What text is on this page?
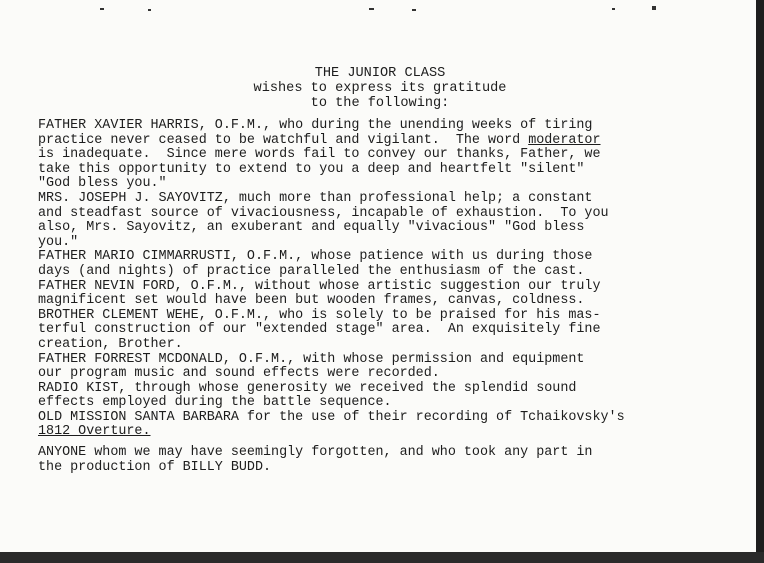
THE JUNIOR CLASS
wishes to express its gratitude
to the following:
FATHER XAVIER HARRIS, O.F.M., who during the unending weeks of tiring
practice never ceased to be watchful and vigilant.  The word moderator
is inadequate.  Since mere words fail to convey our thanks, Father, we
take this opportunity to extend to you a deep and heartfelt "silent"
"God bless you."
MRS. JOSEPH J. SAYOVITZ, much more than professional help; a constant
and steadfast source of vivaciousness, incapable of exhaustion.  To you
also, Mrs. Sayovitz, an exuberant and equally "vivacious" "God bless
you."
FATHER MARIO CIMMARRUSTI, O.F.M., whose patience with us during those
days (and nights) of practice paralleled the enthusiasm of the cast.
FATHER NEVIN FORD, O.F.M., without whose artistic suggestion our truly
magnificent set would have been but wooden frames, canvas, coldness.
BROTHER CLEMENT WEHE, O.F.M., who is solely to be praised for his mas-
terful construction of our "extended stage" area.  An exquisitely fine
creation, Brother.
FATHER FORREST MCDONALD, O.F.M., with whose permission and equipment
our program music and sound effects were recorded.
RADIO KIST, through whose generosity we received the splendid sound
effects employed during the battle sequence.
OLD MISSION SANTA BARBARA for the use of their recording of Tchaikovsky's
1812 Overture.
ANYONE whom we may have seemingly forgotten, and who took any part in
the production of BILLY BUDD.
